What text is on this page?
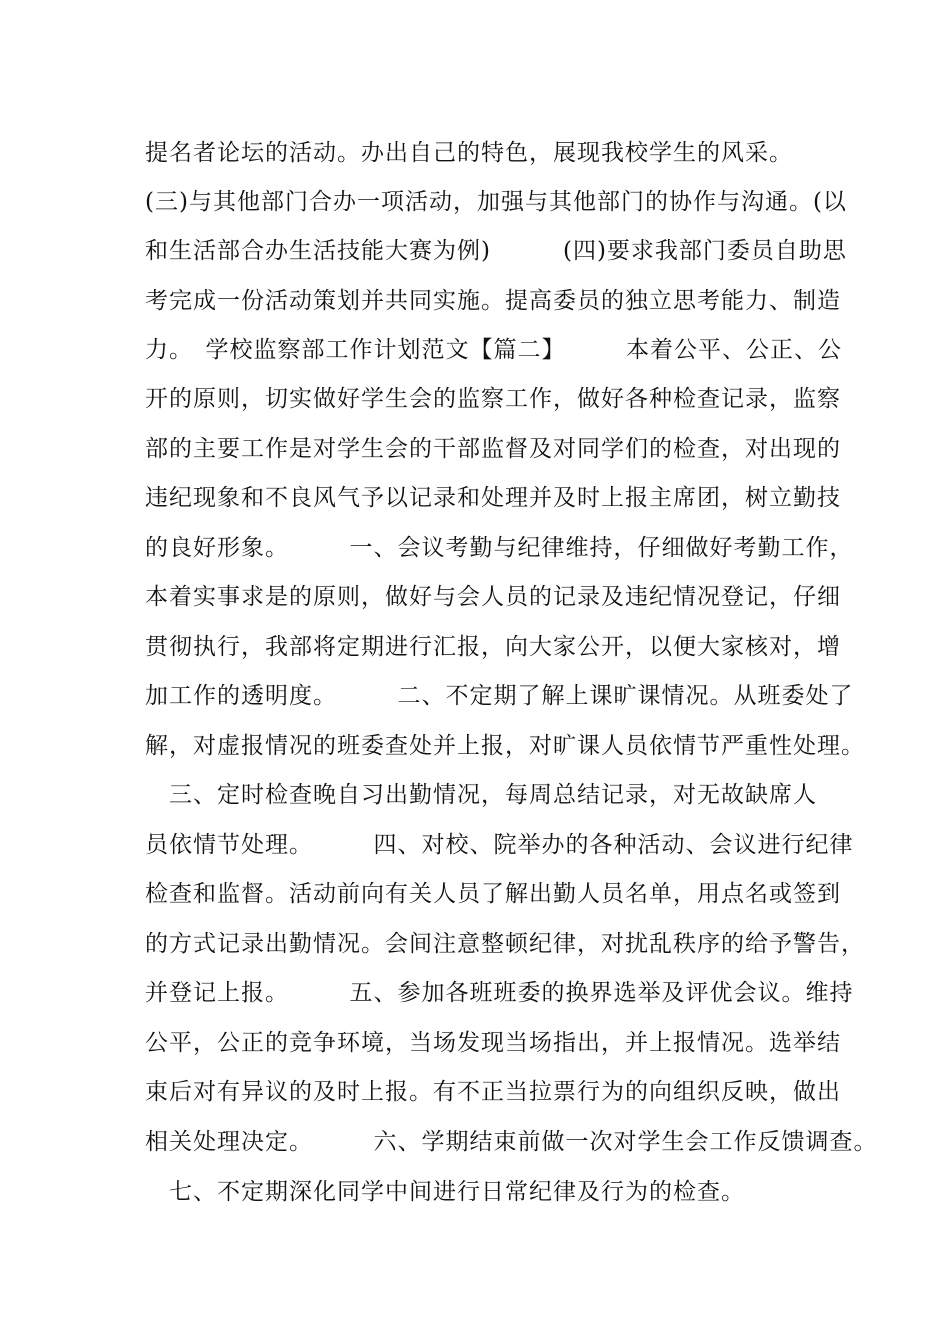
提名者论坛的活动。办出自己的特色，展现我校学生的风采。
(三)与其他部门合办一项活动，加强与其他部门的协作与沟通。(以
和生活部合办生活技能大赛为例)　　　(四)要求我部门委员自助思
考完成一份活动策划并共同实施。提高委员的独立思考能力、制造
力。　学校监察部工作计划范文【篇二】　　　本着公平、公正、公
开的原则，切实做好学生会的监察工作，做好各种检查记录，监察
部的主要工作是对学生会的干部监督及对同学们的检查，对出现的
违纪现象和不良风气予以记录和处理并及时上报主席团，树立勤技
的良好形象。　　　一、会议考勤与纪律维持，仔细做好考勤工作，
本着实事求是的原则，做好与会人员的记录及违纪情况登记，仔细
贯彻执行，我部将定期进行汇报，向大家公开，以便大家核对，增
加工作的透明度。　　　二、不定期了解上课旷课情况。从班委处了
解，对虚报情况的班委查处并上报，对旷课人员依情节严重性处理。
　三、定时检查晚自习出勤情况，每周总结记录，对无故缺席人
员依情节处理。　　　四、对校、院举办的各种活动、会议进行纪律
检查和监督。活动前向有关人员了解出勤人员名单，用点名或签到
的方式记录出勤情况。会间注意整顿纪律，对扰乱秩序的给予警告，
并登记上报。　　　五、参加各班班委的换界选举及评优会议。维持
公平，公正的竞争环境，当场发现当场指出，并上报情况。选举结
束后对有异议的及时上报。有不正当拉票行为的向组织反映，做出
相关处理决定。　　　六、学期结束前做一次对学生会工作反馈调查。
　七、不定期深化同学中间进行日常纪律及行为的检查。
